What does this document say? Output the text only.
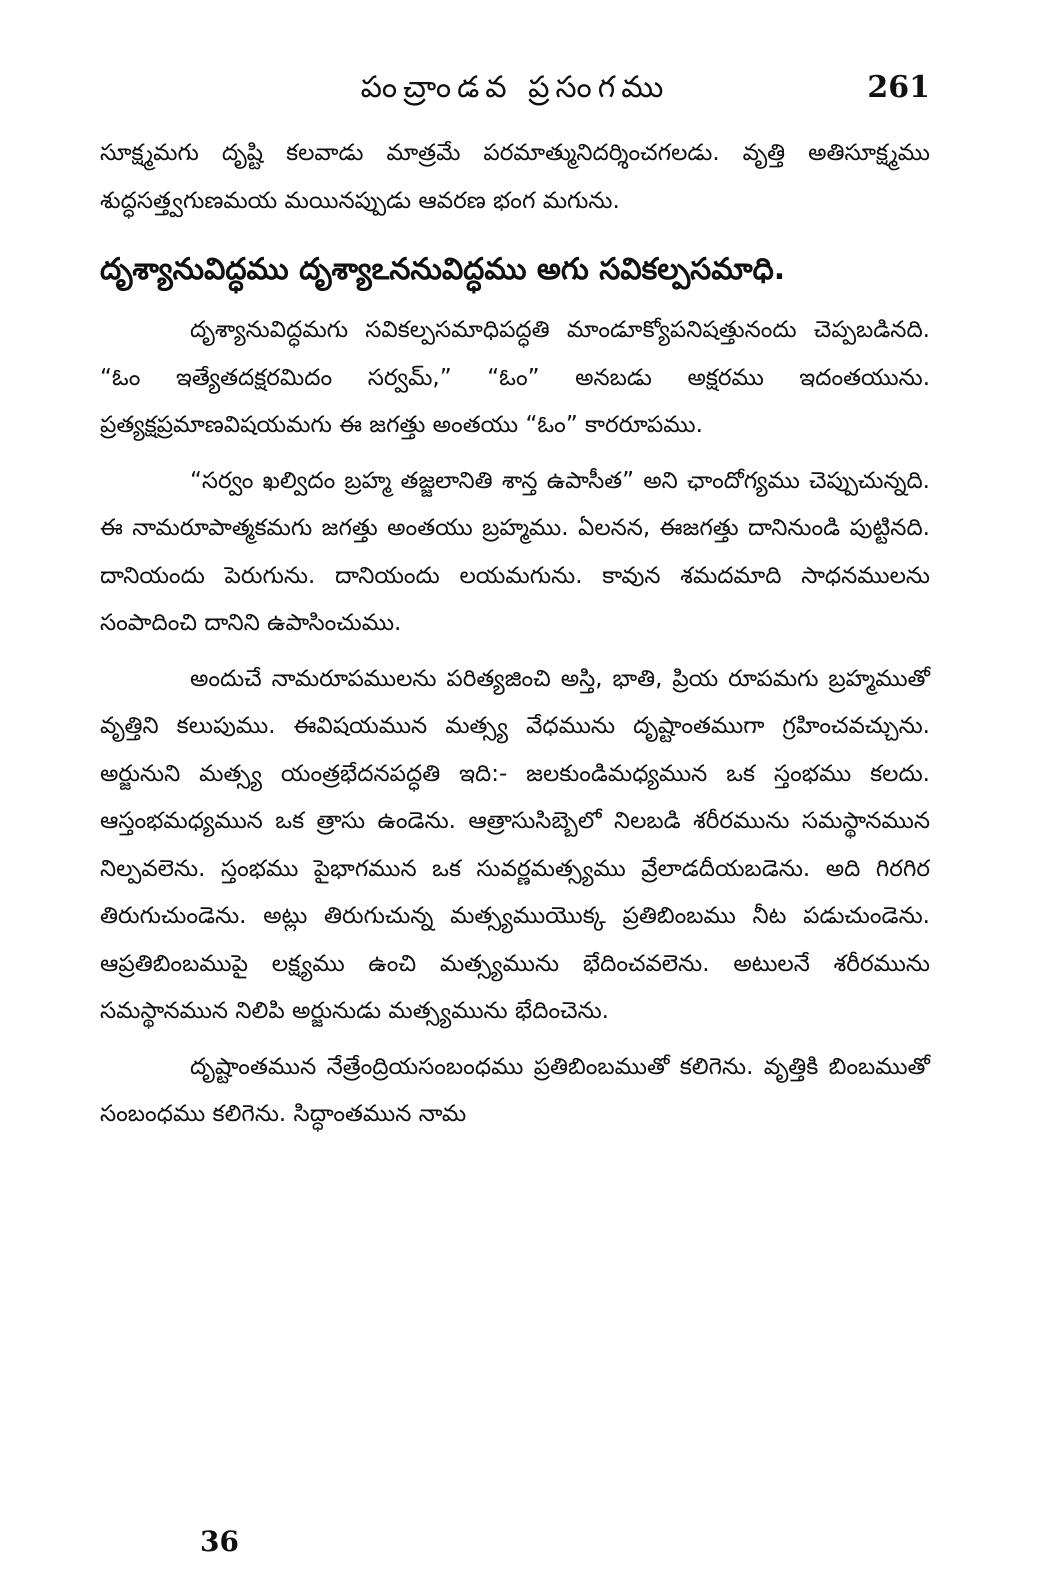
పంచ్రాండవ ప్రసంగము	261

సూక్ష్మమగు దృష్టి కలవాడు మాత్రమే పరమాత్మునిదర్శించగలడు. వృత్తి అతిసూక్ష్మము శుద్ధసత్త్వగుణమయ మయినప్పుడు ఆవరణ భంగ మగును.

దృశ్యానువిద్ధము దృశ్యాఽననువిద్ధము అగు సవికల్పసమాధి.

దృశ్యానువిద్ధమగు సవికల్పసమాధిపద్ధతి మాండూక్యోపనిషత్తునందు చెప్పబడినది. “ఓం ఇత్యేతదక్షరమిదం సర్వమ్,” “ఓం” అనబడు అక్షరము ఇదంతయును. ప్రత్యక్షప్రమాణవిషయమగు ఈ జగత్తు అంతయు “ఓం” కారరూపము.

“సర్వం ఖల్విదం బ్రహ్మ తజ్జలానితి శాన్త ఉపాసీత” అని ఛాందోగ్యము చెప్పుచున్నది. ఈ నామరూపాత్మకమగు జగత్తు అంతయు బ్రహ్మము. ఏలనన, ఈజగత్తు దానినుండి పుట్టినది. దానియందు పెరుగును. దానియందు లయమగును. కావున శమదమాది సాధనములను సంపాదించి దానిని ఉపాసించుము.

అందుచే నామరూపములను పరిత్యజించి అస్తి, భాతి, ప్రియ రూపమగు బ్రహ్మముతో వృత్తిని కలుపుము. ఈవిషయమున మత్స్య వేధమును దృష్టాంతముగా గ్రహించవచ్చును. అర్జునుని మత్స్య యంత్రభేదనపద్ధతి ఇది:- జలకుండిమధ్యమున ఒక స్తంభము కలదు. ఆస్తంభమధ్యమున ఒక త్రాసు ఉండెను. ఆత్రాసుసిబ్బెలో నిలబడి శరీరమును సమస్థానమున నిల్పవలెను. స్తంభము పైభాగమున ఒక సువర్ణమత్స్యము వ్రేలాడదీయబడెను. అది గిరగిర తిరుగుచుండెను. అట్లు తిరుగుచున్న మత్స్యముయొక్క ప్రతిబింబము నీట పడుచుండెను. ఆప్రతిబింబముపై లక్ష్యము ఉంచి మత్స్యమును భేదించవలెను. అటులనే శరీరమును సమస్థానమున నిలిపి అర్జునుడు మత్స్యమును భేదించెను.

దృష్టాంతమున నేత్రేంద్రియసంబంధము ప్రతిబింబముతో కలిగెను. వృత్తికి బింబముతో సంబంధము కలిగెను. సిద్ధాంతమున నామ

36
